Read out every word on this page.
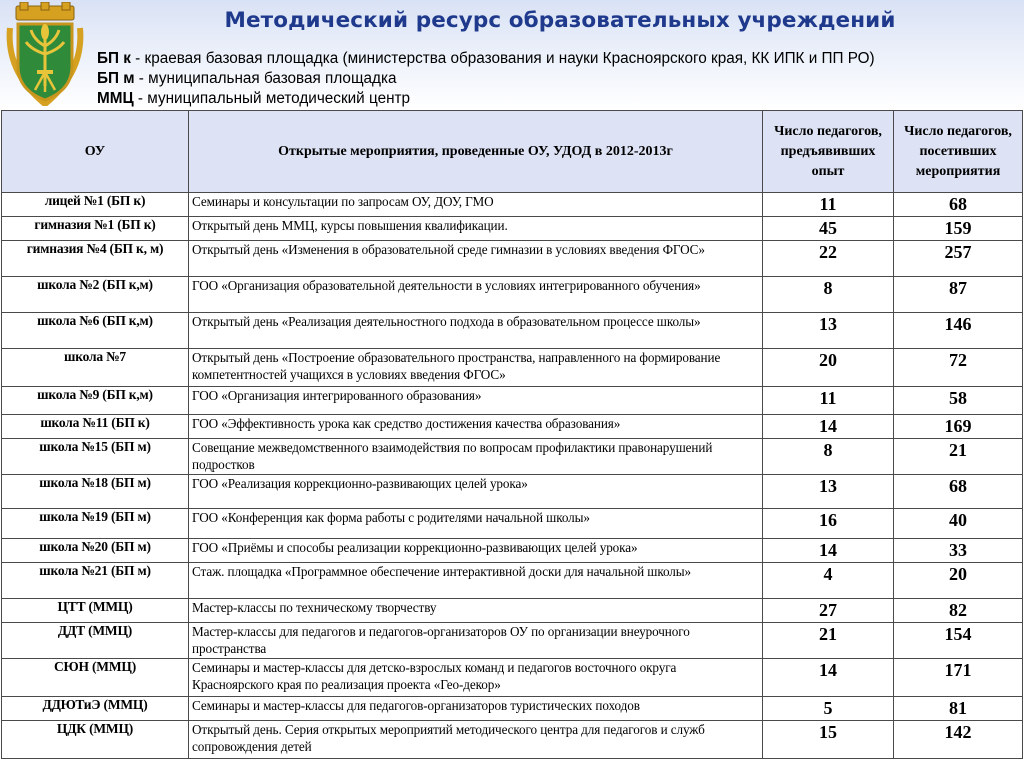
Методический ресурс образовательных учреждений
БП к - краевая базовая площадка (министерства образования и науки Красноярского края, КК ИПК и ПП РО)
БП м - муниципальная базовая площадка
ММЦ - муниципальный методический центр
ОУ	Открытые мероприятия, проведенные ОУ, УДОД в 2012-2013г	Число педагогов, предъявивших опыт	Число педагогов, посетивших мероприятия
лицей №1 (БП к)	Семинары и консультации по запросам ОУ, ДОУ, ГМО	11	68
гимназия №1 (БП к)	Открытый день ММЦ, курсы повышения квалификации.	45	159
гимназия №4 (БП к, м)	Открытый день «Изменения в образовательной среде гимназии в условиях введения ФГОС»	22	257
школа №2 (БП к,м)	ГОО «Организация образовательной деятельности в условиях интегрированного обучения»	8	87
школа №6 (БП к,м)	Открытый день «Реализация деятельностного подхода в образовательном процессе школы»	13	146
школа №7	Открытый день «Построение образовательного пространства, направленного на формирование компетентностей учащихся в условиях введения ФГОС»	20	72
школа №9 (БП к,м)	ГОО «Организация интегрированного образования»	11	58
школа №11 (БП к)	ГОО «Эффективность урока как средство достижения качества образования»	14	169
школа №15 (БП м)	Совещание межведомственного взаимодействия по вопросам профилактики правонарушений подростков	8	21
школа №18 (БП м)	ГОО «Реализация коррекционно-развивающих целей урока»	13	68
школа №19 (БП м)	ГОО «Конференция как форма работы с родителями начальной школы»	16	40
школа №20 (БП м)	ГОО «Приёмы и способы реализации коррекционно-развивающих целей урока»	14	33
школа №21 (БП м)	Стаж. площадка «Программное обеспечение интерактивной доски для начальной школы»	4	20
ЦТТ (ММЦ)	Мастер-классы по техническому творчеству	27	82
ДДТ (ММЦ)	Мастер-классы для педагогов и педагогов-организаторов ОУ по организации внеурочного пространства	21	154
СЮН (ММЦ)	Семинары и мастер-классы для детско-взрослых команд и педагогов восточного округа Красноярского края по реализация проекта «Гео-декор»	14	171
ДДЮТиЭ (ММЦ)	Семинары и мастер-классы для педагогов-организаторов туристических походов	5	81
ЦДК (ММЦ)	Открытый день. Серия открытых мероприятий методического центра для педагогов и служб сопровождения детей	15	142
